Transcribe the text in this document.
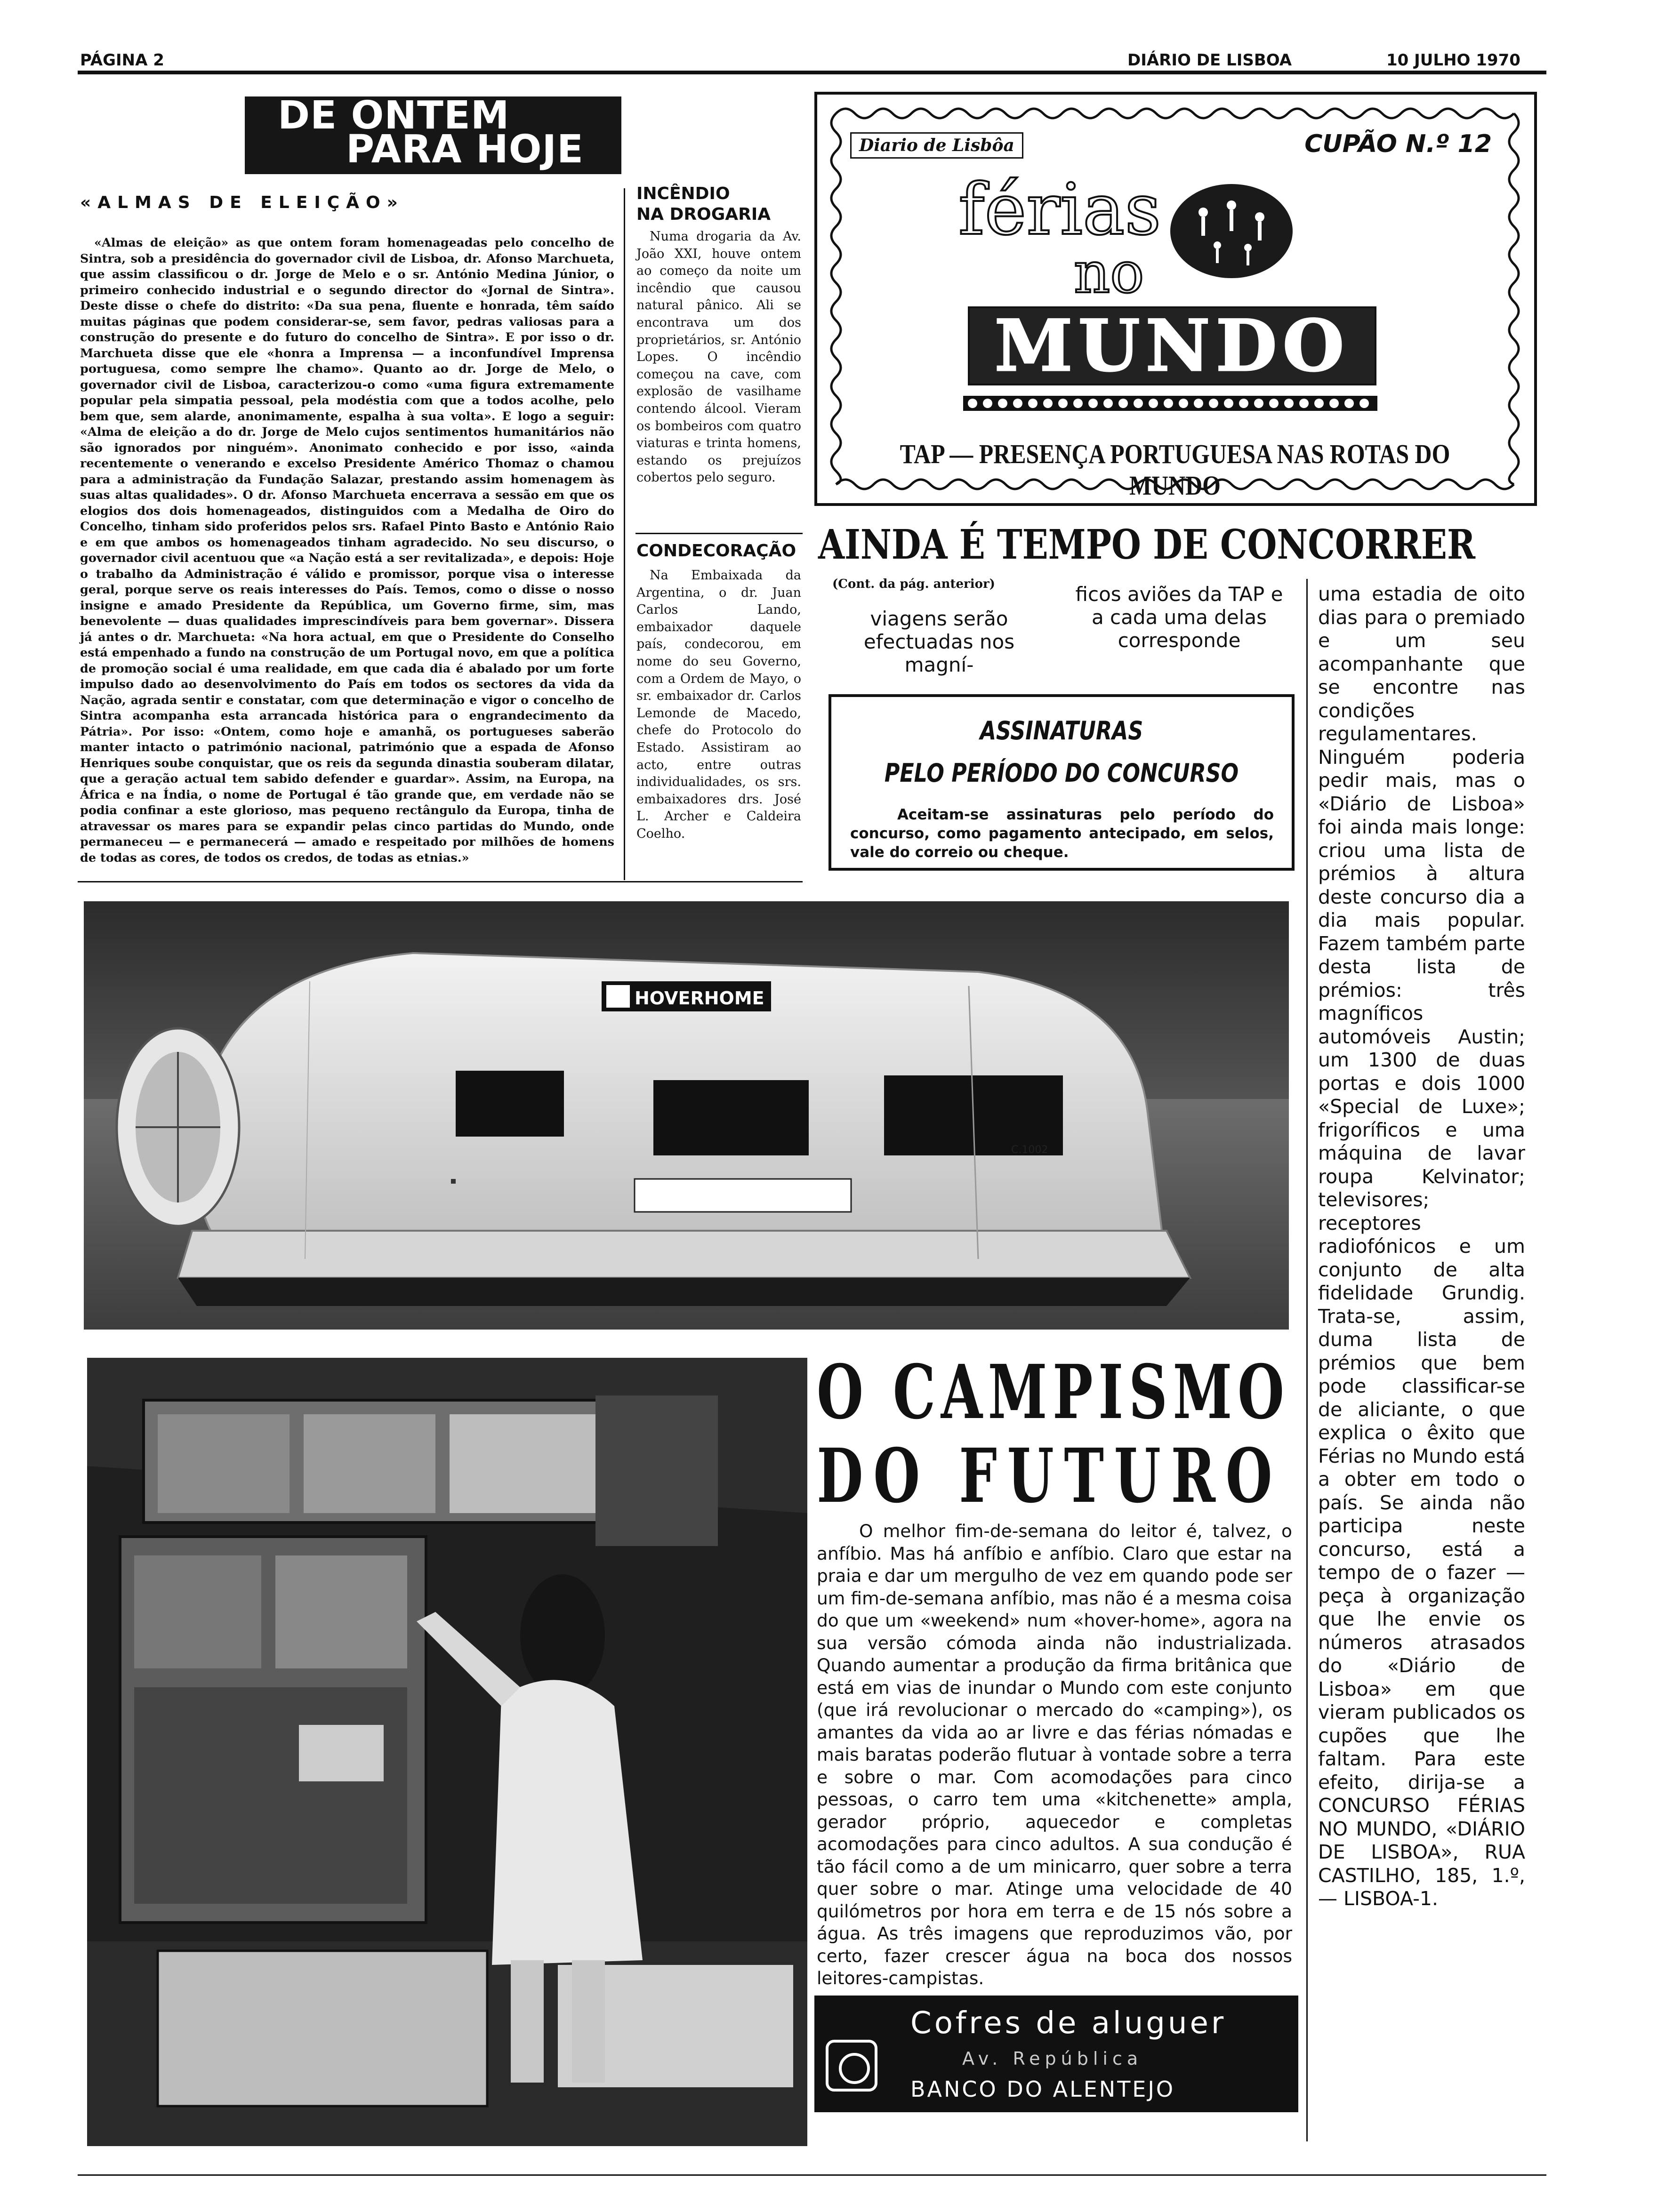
PÁGINA 2	DIÁRIO DE LISBOA	10 JULHO 1970
DE ONTEM
PARA HOJE
«ALMAS DE ELEIÇÃO»
«Almas de eleição» as que ontem foram homenageadas pelo concelho de Sintra, sob a presidência do governador civil de Lisboa, dr. Afonso Marchueta, que assim classificou o dr. Jorge de Melo e o sr. António Medina Júnior, o primeiro conhecido industrial e o segundo director do «Jornal de Sintra». Deste disse o chefe do distrito: «Da sua pena, fluente e honrada, têm saído muitas páginas que podem considerar-se, sem favor, pedras valiosas para a construção do presente e do futuro do concelho de Sintra». E por isso o dr. Marchueta disse que ele «honra a Imprensa — a inconfundível Imprensa portuguesa, como sempre lhe chamo». Quanto ao dr. Jorge de Melo, o governador civil de Lisboa, caracterizou-o como «uma figura extremamente popular pela simpatia pessoal, pela modéstia com que a todos acolhe, pelo bem que, sem alarde, anonimamente, espalha à sua volta». E logo a seguir: «Alma de eleição a do dr. Jorge de Melo cujos sentimentos humanitários não são ignorados por ninguém». Anonimato conhecido e por isso, «ainda recentemente o venerando e excelso Presidente Américo Thomaz o chamou para a administração da Fundação Salazar, prestando assim homenagem às suas altas qualidades». O dr. Afonso Marchueta encerrava a sessão em que os elogios dos dois homenageados, distinguidos com a Medalha de Oiro do Concelho, tinham sido proferidos pelos srs. Rafael Pinto Basto e António Raio e em que ambos os homenageados tinham agradecido. No seu discurso, o governador civil acentuou que «a Nação está a ser revitalizada», e depois: Hoje o trabalho da Administração é válido e promissor, porque visa o interesse geral, porque serve os reais interesses do País. Temos, como o disse o nosso insigne e amado Presidente da República, um Governo firme, sim, mas benevolente — duas qualidades imprescindíveis para bem governar». Dissera já antes o dr. Marchueta: «Na hora actual, em que o Presidente do Conselho está empenhado a fundo na construção de um Portugal novo, em que a política de promoção social é uma realidade, em que cada dia é abalado por um forte impulso dado ao desenvolvimento do País em todos os sectores da vida da Nação, agrada sentir e constatar, com que determinação e vigor o concelho de Sintra acompanha esta arrancada histórica para o engrandecimento da Pátria». Por isso: «Ontem, como hoje e amanhã, os portugueses saberão manter intacto o património nacional, património que a espada de Afonso Henriques soube conquistar, que os reis da segunda dinastia souberam dilatar, que a geração actual tem sabido defender e guardar». Assim, na Europa, na África e na Índia, o nome de Portugal é tão grande que, em verdade não se podia confinar a este glorioso, mas pequeno rectângulo da Europa, tinha de atravessar os mares para se expandir pelas cinco partidas do Mundo, onde permaneceu — e permanecerá — amado e respeitado por milhões de homens de todas as cores, de todos os credos, de todas as etnias.»
INCÊNDIO
NA DROGARIA
Numa drogaria da Av. João XXI, houve ontem ao começo da noite um incêndio que causou natural pânico. Ali se encontrava um dos proprietários, sr. António Lopes. O incêndio começou na cave, com explosão de vasilhame contendo álcool. Vieram os bombeiros com quatro viaturas e trinta homens, estando os prejuízos cobertos pelo seguro.
CONDECORAÇÃO
Na Embaixada da Argentina, o dr. Juan Carlos Lando, embaixador daquele país, condecorou, em nome do seu Governo, com a Ordem de Mayo, o sr. embaixador dr. Carlos Lemonde de Macedo, chefe do Protocolo do Estado. Assistiram ao acto, entre outras individualidades, os srs. embaixadores drs. José L. Archer e Caldeira Coelho.
Diario de Lisbôa	CUPÃO N.º 12
férias
no
MUNDO
TAP — PRESENÇA PORTUGUESA NAS ROTAS DO MUNDO
AINDA É TEMPO DE CONCORRER
(Cont. da pág. anterior)
viagens serão efectuadas nos magní-
ficos aviões da TAP e a cada uma delas corresponde
uma estadia de oito dias para o premiado e um seu acompanhante que se encontre nas condições regulamentares. Ninguém poderia pedir mais, mas o «Diário de Lisboa» foi ainda mais longe: criou uma lista de prémios à altura deste concurso dia a dia mais popular. Fazem também parte desta lista de prémios: três magníficos automóveis Austin; um 1300 de duas portas e dois 1000 «Special de Luxe»; frigoríficos e uma máquina de lavar roupa Kelvinator; televisores; receptores radiofónicos e um conjunto de alta fidelidade Grundig. Trata-se, assim, duma lista de prémios que bem pode classificar-se de aliciante, o que explica o êxito que Férias no Mundo está a obter em todo o país. Se ainda não participa neste concurso, está a tempo de o fazer — peça à organização que lhe envie os números atrasados do «Diário de Lisboa» em que vieram publicados os cupões que lhe faltam. Para este efeito, dirija-se a CONCURSO FÉRIAS NO MUNDO, «DIÁRIO DE LISBOA», RUA CASTILHO, 185, 1.º, — LISBOA-1.
ASSINATURAS
PELO PERÍODO DO CONCURSO
Aceitam-se assinaturas pelo período do concurso, como pagamento antecipado, em selos, vale do correio ou cheque.
HOVERHOME
C.1002
O CAMPISMO
DO FUTURO
O melhor fim-de-semana do leitor é, talvez, o anfíbio. Mas há anfíbio e anfíbio. Claro que estar na praia e dar um mergulho de vez em quando pode ser um fim-de-semana anfíbio, mas não é a mesma coisa do que um «weekend» num «hover-home», agora na sua versão cómoda ainda não industrializada. Quando aumentar a produção da firma britânica que está em vias de inundar o Mundo com este conjunto (que irá revolucionar o mercado do «camping»), os amantes da vida ao ar livre e das férias nómadas e mais baratas poderão flutuar à vontade sobre a terra e sobre o mar. Com acomodações para cinco pessoas, o carro tem uma «kitchenette» ampla, gerador próprio, aquecedor e completas acomodações para cinco adultos. A sua condução é tão fácil como a de um minicarro, quer sobre a terra quer sobre o mar. Atinge uma velocidade de 40 quilómetros por hora em terra e de 15 nós sobre a água. As três imagens que reproduzimos vão, por certo, fazer crescer água na boca dos nossos leitores-campistas.
Cofres de aluguer
Av. República
BANCO DO ALENTEJO
